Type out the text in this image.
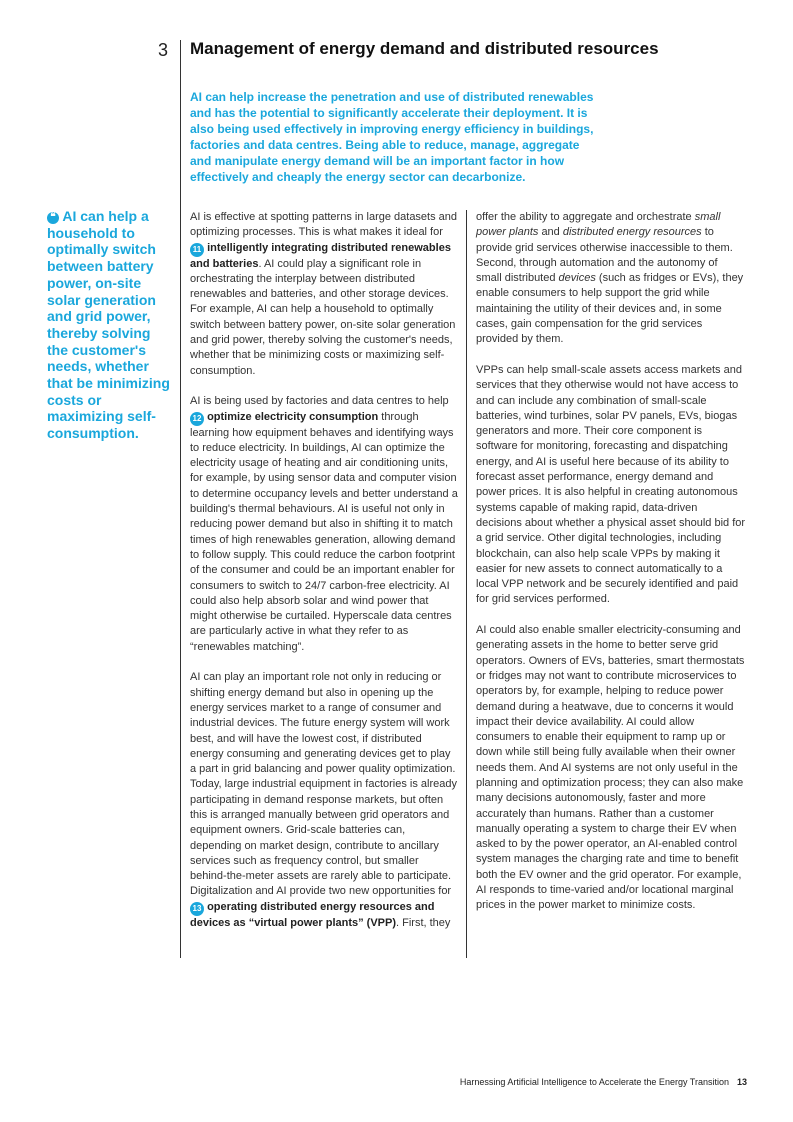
3 Management of energy demand and distributed resources

AI can help increase the penetration and use of distributed renewables and has the potential to significantly accelerate their deployment. It is also being used effectively in improving energy efficiency in buildings, factories and data centres. Being able to reduce, manage, aggregate and manipulate energy demand will be an important factor in how effectively and cheaply the energy sector can decarbonize.

❝ AI can help a household to optimally switch between battery power, on-site solar generation and grid power, thereby solving the customer's needs, whether that be minimizing costs or maximizing self-consumption.

AI is effective at spotting patterns in large datasets and optimizing processes. This is what makes it ideal for 11 intelligently integrating distributed renewables and batteries. AI could play a significant role in orchestrating the interplay between distributed renewables and batteries, and other storage devices. For example, AI can help a household to optimally switch between battery power, on-site solar generation and grid power, thereby solving the customer's needs, whether that be minimizing costs or maximizing self-consumption.

AI is being used by factories and data centres to help 12 optimize electricity consumption through learning how equipment behaves and identifying ways to reduce electricity. In buildings, AI can optimize the electricity usage of heating and air conditioning units, for example, by using sensor data and computer vision to determine occupancy levels and better understand a building's thermal behaviours. AI is useful not only in reducing power demand but also in shifting it to match times of high renewables generation, allowing demand to follow supply. This could reduce the carbon footprint of the consumer and could be an important enabler for consumers to switch to 24/7 carbon-free electricity. AI could also help absorb solar and wind power that might otherwise be curtailed. Hyperscale data centres are particularly active in what they refer to as “renewables matching”.

AI can play an important role not only in reducing or shifting energy demand but also in opening up the energy services market to a range of consumer and industrial devices. The future energy system will work best, and will have the lowest cost, if distributed energy consuming and generating devices get to play a part in grid balancing and power quality optimization. Today, large industrial equipment in factories is already participating in demand response markets, but often this is arranged manually between grid operators and equipment owners. Grid-scale batteries can, depending on market design, contribute to ancillary services such as frequency control, but smaller behind-the-meter assets are rarely able to participate. Digitalization and AI provide two new opportunities for 13 operating distributed energy resources and devices as “virtual power plants” (VPP). First, they

offer the ability to aggregate and orchestrate small power plants and distributed energy resources to provide grid services otherwise inaccessible to them. Second, through automation and the autonomy of small distributed devices (such as fridges or EVs), they enable consumers to help support the grid while maintaining the utility of their devices and, in some cases, gain compensation for the grid services provided by them.

VPPs can help small-scale assets access markets and services that they otherwise would not have access to and can include any combination of small-scale batteries, wind turbines, solar PV panels, EVs, biogas generators and more. Their core component is software for monitoring, forecasting and dispatching energy, and AI is useful here because of its ability to forecast asset performance, energy demand and power prices. It is also helpful in creating autonomous systems capable of making rapid, data-driven decisions about whether a physical asset should bid for a grid service. Other digital technologies, including blockchain, can also help scale VPPs by making it easier for new assets to connect automatically to a local VPP network and be securely identified and paid for grid services performed.

AI could also enable smaller electricity-consuming and generating assets in the home to better serve grid operators. Owners of EVs, batteries, smart thermostats or fridges may not want to contribute microservices to operators by, for example, helping to reduce power demand during a heatwave, due to concerns it would impact their device availability. AI could allow consumers to enable their equipment to ramp up or down while still being fully available when their owner needs them. And AI systems are not only useful in the planning and optimization process; they can also make many decisions autonomously, faster and more accurately than humans. Rather than a customer manually operating a system to charge their EV when asked to by the power operator, an AI-enabled control system manages the charging rate and time to benefit both the EV owner and the grid operator. For example, AI responds to time-varied and/or locational marginal prices in the power market to minimize costs.

Harnessing Artificial Intelligence to Accelerate the Energy Transition 13
